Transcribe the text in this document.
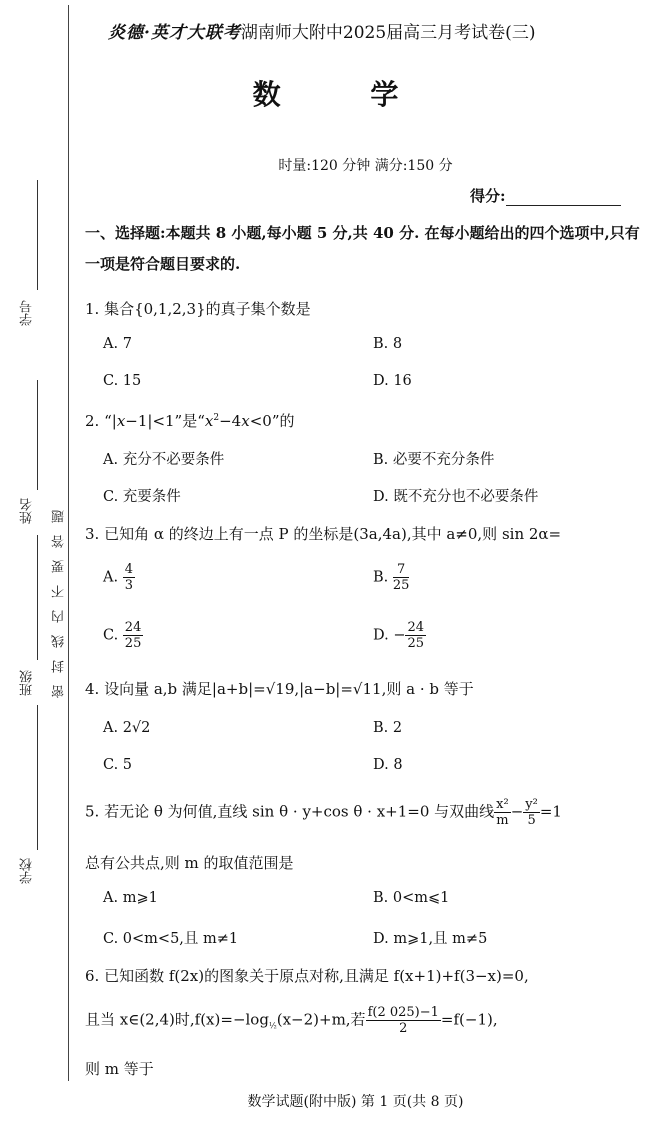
学号
姓名
班级
学校
密封线内不要答题
炎德·英才大联考湖南师大附中2025届高三月考试卷(三)
数 学
时量:120 分钟 满分:150 分
得分:
一、选择题:本题共 8 小题,每小题 5 分,共 40 分. 在每小题给出的四个选项中,只有一项是符合题目要求的.
1. 集合{0,1,2,3}的真子集个数是
A. 7	B. 8
C. 15	D. 16
2. “|x−1|<1”是“$x^2-4x<0$”的
A. 充分不必要条件	B. 必要不充分条件
C. 充要条件	D. 既不充分也不必要条件
3. 已知角 α 的终边上有一点 P 的坐标是(3a,4a),其中 a≠0,则 sin 2α=
A. $\frac{4}{3}$	B. $\frac{7}{25}$
C. $\frac{24}{25}$	D. − $\frac{24}{25}$
4. 设向量 a,b 满足|a+b|=√19,|a−b|=√11,则 a · b 等于
A. 2√2	B. 2
C. 5	D. 8
5. 若无论 θ 为何值,直线 sin θ · y+cos θ · x+1=0 与双曲线 $\frac{\text{x²}}{m} - \frac{\text{y²}}{5} =1$
总有公共点,则 m 的取值范围是
A. m⩾1	B. 0<m⩽1
C. 0<m<5,且 m≠1	D. m⩾1,且 m≠5
6. 已知函数 f(2x)的图象关于原点对称,且满足 f(x+1)+f(3−x)=0,
且当 x∈(2,4)时$,f(x)=-\log_{\frac{1}{2}}(x-2)+m$,若 $\frac{f(2 025)-1}{2} =f(-1)$,
则 m 等于
数学试题(附中版) 第 1 页(共 8 页)
